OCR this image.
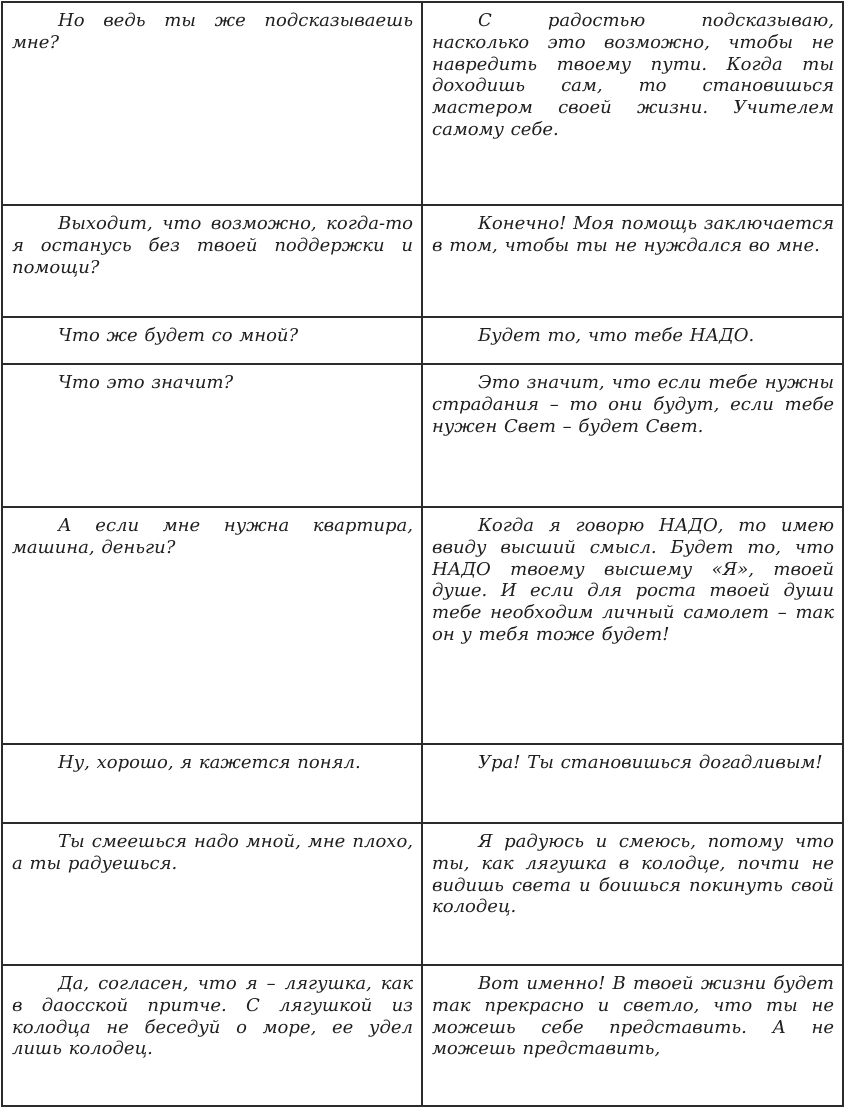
Но ведь ты же подсказываешь мне?	С радостью подсказываю, насколько это возможно, чтобы не навредить твоему пути. Когда ты доходишь сам, то становишься мастером своей жизни. Учителем самому себе.

Выходит, что возможно, когда-то я останусь без твоей поддержки и помощи?	Конечно! Моя помощь заключается в том, чтобы ты не нуждался во мне.

Что же будет со мной?	Будет то, что тебе НАДО.

Что это значит?	Это значит, что если тебе нужны страдания – то они будут, если тебе нужен Свет – будет Свет.

А если мне нужна квартира, машина, деньги?	Когда я говорю НАДО, то имею ввиду высший смысл. Будет то, что НАДО твоему высшему «Я», твоей душе. И если для роста твоей души тебе необходим личный самолет – так он у тебя тоже будет!

Ну, хорошо, я кажется понял.	Ура! Ты становишься догадливым!

Ты смеешься надо мной, мне плохо, а ты радуешься.	Я радуюсь и смеюсь, потому что ты, как лягушка в колодце, почти не видишь света и боишься покинуть свой колодец.

Да, согласен, что я – лягушка, как в даосской притче. С лягушкой из колодца не беседуй о море, ее удел лишь колодец.	Вот именно! В твоей жизни будет так прекрасно и светло, что ты не можешь себе представить. А не можешь представить,
